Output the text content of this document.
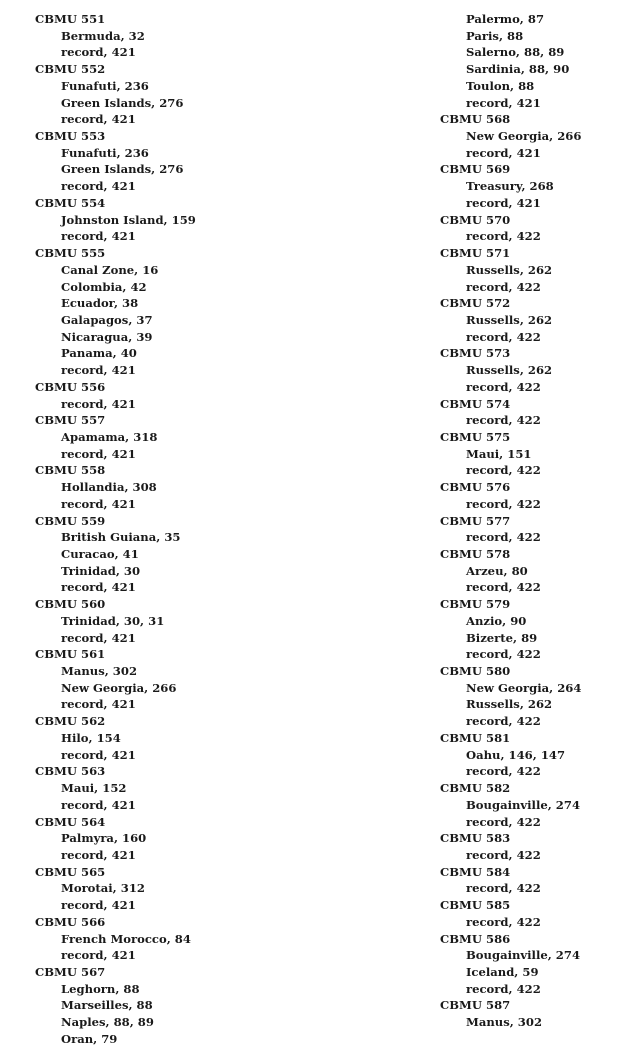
CBMU 551
Bermuda, 32
record, 421
CBMU 552
Funafuti, 236
Green Islands, 276
record, 421
CBMU 553
Funafuti, 236
Green Islands, 276
record, 421
CBMU 554
Johnston Island, 159
record, 421
CBMU 555
Canal Zone, 16
Colombia, 42
Ecuador, 38
Galapagos, 37
Nicaragua, 39
Panama, 40
record, 421
CBMU 556
record, 421
CBMU 557
Apamama, 318
record, 421
CBMU 558
Hollandia, 308
record, 421
CBMU 559
British Guiana, 35
Curacao, 41
Trinidad, 30
record, 421
CBMU 560
Trinidad, 30, 31
record, 421
CBMU 561
Manus, 302
New Georgia, 266
record, 421
CBMU 562
Hilo, 154
record, 421
CBMU 563
Maui, 152
record, 421
CBMU 564
Palmyra, 160
record, 421
CBMU 565
Morotai, 312
record, 421
CBMU 566
French Morocco, 84
record, 421
CBMU 567
Leghorn, 88
Marseilles, 88
Naples, 88, 89
Oran, 79
Palermo, 87
Paris, 88
Salerno, 88, 89
Sardinia, 88, 90
Toulon, 88
record, 421
CBMU 568
New Georgia, 266
record, 421
CBMU 569
Treasury, 268
record, 421
CBMU 570
record, 422
CBMU 571
Russells, 262
record, 422
CBMU 572
Russells, 262
record, 422
CBMU 573
Russells, 262
record, 422
CBMU 574
record, 422
CBMU 575
Maui, 151
record, 422
CBMU 576
record, 422
CBMU 577
record, 422
CBMU 578
Arzeu, 80
record, 422
CBMU 579
Anzio, 90
Bizerte, 89
record, 422
CBMU 580
New Georgia, 264
Russells, 262
record, 422
CBMU 581
Oahu, 146, 147
record, 422
CBMU 582
Bougainville, 274
record, 422
CBMU 583
record, 422
CBMU 584
record, 422
CBMU 585
record, 422
CBMU 586
Bougainville, 274
Iceland, 59
record, 422
CBMU 587
Manus, 302
